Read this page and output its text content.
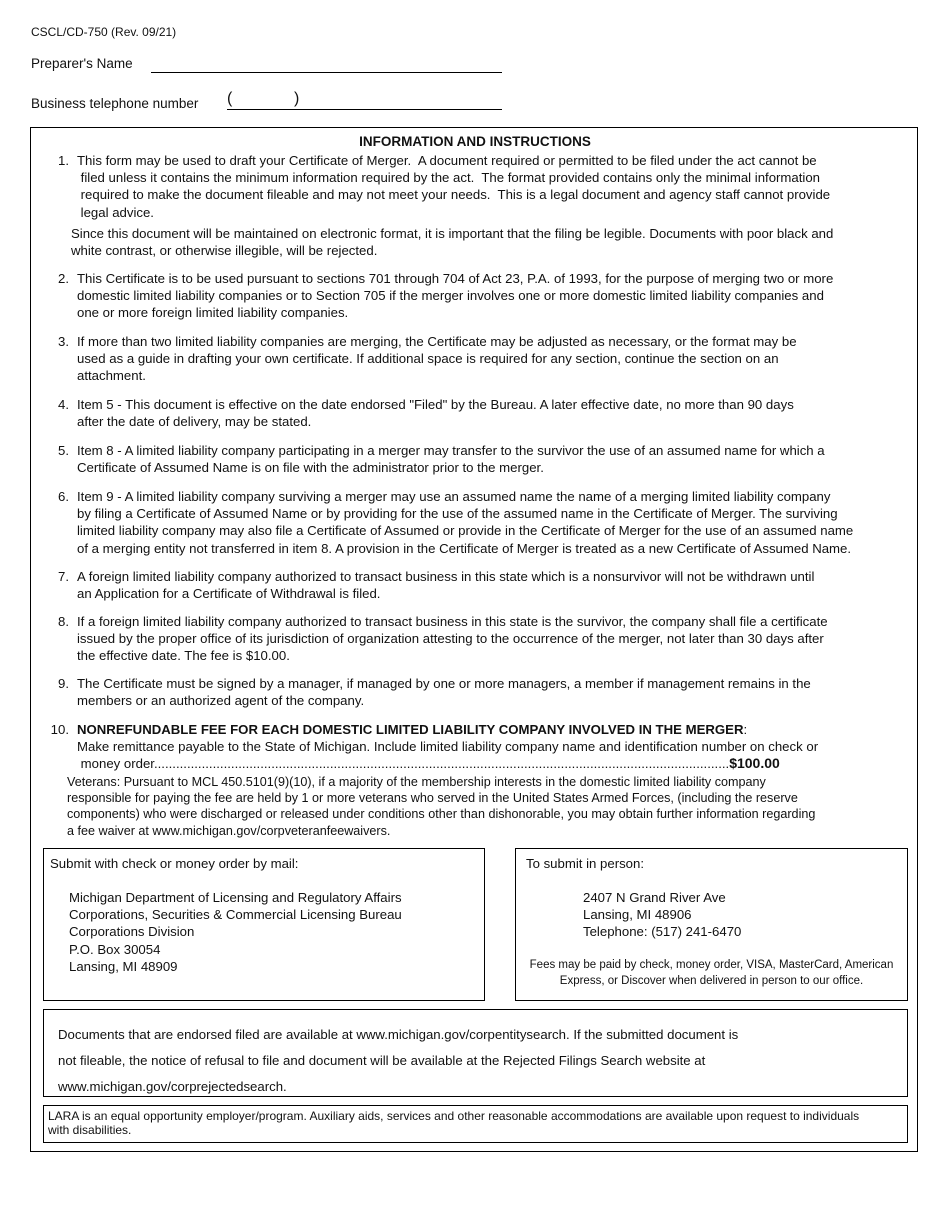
CSCL/CD-750 (Rev. 09/21)
Preparer's Name
Business telephone number (	)
INFORMATION AND INSTRUCTIONS
1. This form may be used to draft your Certificate of Merger.  A document required or permitted to be filed under the act cannot be
filed unless it contains the minimum information required by the act.  The format provided contains only the minimal information
required to make the document fileable and may not meet your needs.  This is a legal document and agency staff cannot provide
legal advice.
Since this document will be maintained on electronic format, it is important that the filing be legible. Documents with poor black and
white contrast, or otherwise illegible, will be rejected.
2. This Certificate is to be used pursuant to sections 701 through 704 of Act 23, P.A. of 1993, for the purpose of merging two or more
domestic limited liability companies or to Section 705 if the merger involves one or more domestic limited liability companies and
one or more foreign limited liability companies.
3. If more than two limited liability companies are merging, the Certificate may be adjusted as necessary, or the format may be
used as a guide in drafting your own certificate. If additional space is required for any section, continue the section on an
attachment.
4. Item 5 - This document is effective on the date endorsed "Filed" by the Bureau. A later effective date, no more than 90 days
after the date of delivery, may be stated.
5. Item 8 - A limited liability company participating in a merger may transfer to the survivor the use of an assumed name for which a
Certificate of Assumed Name is on file with the administrator prior to the merger.
6. Item 9 - A limited liability company surviving a merger may use an assumed name the name of a merging limited liability company
by filing a Certificate of Assumed Name or by providing for the use of the assumed name in the Certificate of Merger. The surviving
limited liability company may also file a Certificate of Assumed or provide in the Certificate of Merger for the use of an assumed name
of a merging entity not transferred in item 8. A provision in the Certificate of Merger is treated as a new Certificate of Assumed Name.
7. A foreign limited liability company authorized to transact business in this state which is a nonsurvivor will not be withdrawn until
an Application for a Certificate of Withdrawal is filed.
8. If a foreign limited liability company authorized to transact business in this state is the survivor, the company shall file a certificate
issued by the proper office of its jurisdiction of organization attesting to the occurrence of the merger, not later than 30 days after
the effective date. The fee is $10.00.
9. The Certificate must be signed by a manager, if managed by one or more managers, a member if management remains in the
members or an authorized agent of the company.
10. NONREFUNDABLE FEE FOR EACH DOMESTIC LIMITED LIABILITY COMPANY INVOLVED IN THE MERGER:
Make remittance payable to the State of Michigan. Include limited liability company name and identification number on check or
money order.............................................................................................................................................................$100.00
Veterans: Pursuant to MCL 450.5101(9)(10), if a majority of the membership interests in the domestic limited liability company
responsible for paying the fee are held by 1 or more veterans who served in the United States Armed Forces, (including the reserve
components) who were discharged or released under conditions other than dishonorable, you may obtain further information regarding
a fee waiver at www.michigan.gov/corpveteranfeewaivers.
Submit with check or money order by mail:
Michigan Department of Licensing and Regulatory Affairs
Corporations, Securities & Commercial Licensing Bureau
Corporations Division
P.O. Box 30054
Lansing, MI 48909
To submit in person:
2407 N Grand River Ave
Lansing, MI 48906
Telephone: (517) 241-6470
Fees may be paid by check, money order, VISA, MasterCard, American
Express, or Discover when delivered in person to our office.
Documents that are endorsed filed are available at www.michigan.gov/corpentitysearch. If the submitted document is
not fileable, the notice of refusal to file and document will be available at the Rejected Filings Search website at
www.michigan.gov/corprejectedsearch.
LARA is an equal opportunity employer/program. Auxiliary aids, services and other reasonable accommodations are available upon request to individuals
with disabilities.
